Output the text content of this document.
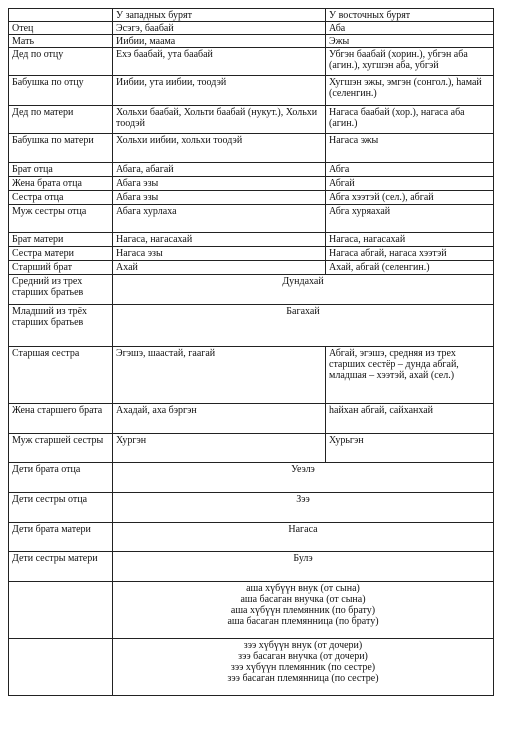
	У западных бурят	У восточных бурят
Отец	Эсэгэ, баабай	Аба
Мать	Иибии, маама	Эжы
Дед по отцу	Ехэ баабай, ута баабай	Убгэн баабай (хорин.), убгэн аба (агин.), хугшэн аба, убгэй
Бабушка по отцу	Иибии, ута иибии, тоодэй	Хугшэн эжы, эмгэн (сонгол.), һамай (селенгин.)
Дед по матери	Хольхи баабай, Хольти баабай (нукут.), Хольхи тоодэй	Нагаса баабай (хор.), нагаса аба (агин.)
Бабушка по матери	Хольхи иибии, хольхи тоодэй	Нагаса эжы
Брат отца	Абага, абагай	Абга
Жена брата отца	Абага эзы	Абгай
Сестра отца	Абага эзы	Абга хээтэй (сел.), абгай
Муж сестры отца	Абага хурлаха	Абга хуряахай
Брат матери	Нагаса, нагасахай	Нагаса, нагасахай
Сестра матери	Нагаса эзы	Нагаса абгай, нагаса хээтэй
Старший брат	Ахай	Ахай, абгай (селенгин.)
Средний из трех старших братьев	Дундахай	
Младший из трёх старших братьев	Багахай	
Старшая сестра	Эгэшэ, шаастай, гаагай	Абгай, эгэшэ, средняя из трех старших сестёр – дунда абгай, младшая – хээтэй, ахай (сел.)
Жена старшего брата	Ахадай, аха бэргэн	һайхан абгай, сайханхай
Муж старшей сестры	Хургэн	Хурьгэн
Дети брата отца	Уеэлэ	
Дети сестры отца	Зээ	
Дети брата матери	Нагаса	
Дети сестры матери	Булэ	

	аша хүбүүн внук (от сына)
аша басаган внучка (от сына)
аша хүбүүн племянник (по брату)
аша басаган племянница (по брату)	

	зээ хүбүүн внук (от дочери)
зээ басаган внучка (от дочери)
зээ хүбүүн племянник (по сестре)
зээ басаган племянница (по сестре)	
